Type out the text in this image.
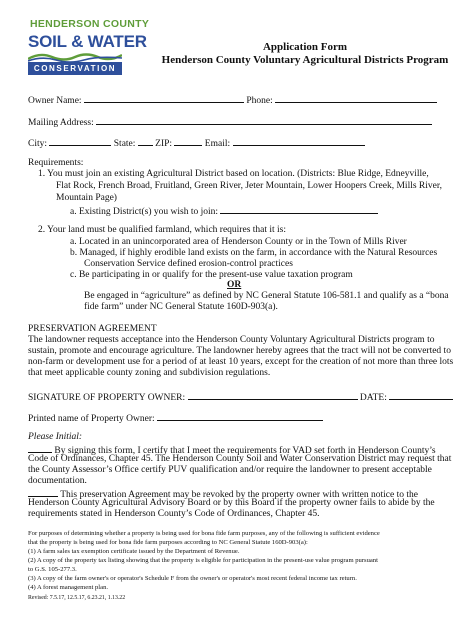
HENDERSON COUNTY
SOIL & WATER
CONSERVATION
Application Form
Henderson County Voluntary Agricultural Districts Program
Owner Name:	Phone:
Mailing Address:
City:	State: ZIP:	Email:
Requirements:
1. You must join an existing Agricultural District based on location. (Districts: Blue Ridge, Edneyville,
Flat Rock, French Broad, Fruitland, Green River, Jeter Mountain, Lower Hoopers Creek, Mills River,
Mountain Page)
a. Existing District(s) you wish to join:
2. Your land must be qualified farmland, which requires that it is:
a. Located in an unincorporated area of Henderson County or in the Town of Mills River
b. Managed, if highly erodible land exists on the farm, in accordance with the Natural Resources
Conservation Service defined erosion-control practices
c. Be participating in or qualify for the present-use value taxation program
OR
Be engaged in “agriculture” as defined by NC General Statute 106-581.1 and qualify as a “bona
fide farm” under NC General Statute 160D-903(a).
PRESERVATION AGREEMENT
The landowner requests acceptance into the Henderson County Voluntary Agricultural Districts program to
sustain, promote and encourage agriculture. The landowner hereby agrees that the tract will not be converted to
non-farm or development use for a period of at least 10 years, except for the creation of not more than three lots
that meet applicable county zoning and subdivision regulations.
SIGNATURE OF PROPERTY OWNER:	DATE:
Printed name of Property Owner:
Please Initial:
By signing this form, I certify that I meet the requirements for VAD set forth in Henderson County’s
Code of Ordinances, Chapter 45. The Henderson County Soil and Water Conservation District may request that
the County Assessor’s Office certify PUV qualification and/or require the landowner to present acceptable
documentation.
This preservation Agreement may be revoked by the property owner with written notice to the
Henderson County Agricultural Advisory Board or by this Board if the property owner fails to abide by the
requirements stated in Henderson County’s Code of Ordinances, Chapter 45.
For purposes of determining whether a property is being used for bona fide farm purposes, any of the following is sufficient evidence
that the property is being used for bona fide farm purposes according to NC General Statute 160D-903(a):
(1) A farm sales tax exemption certificate issued by the Department of Revenue.
(2) A copy of the property tax listing showing that the property is eligible for participation in the present-use value program pursuant
to G.S. 105-277.3.
(3) A copy of the farm owner's or operator's Schedule F from the owner's or operator's most recent federal income tax return.
(4) A forest management plan.
Revised: 7.5.17, 12.5.17, 6.23.21, 1.13.22
